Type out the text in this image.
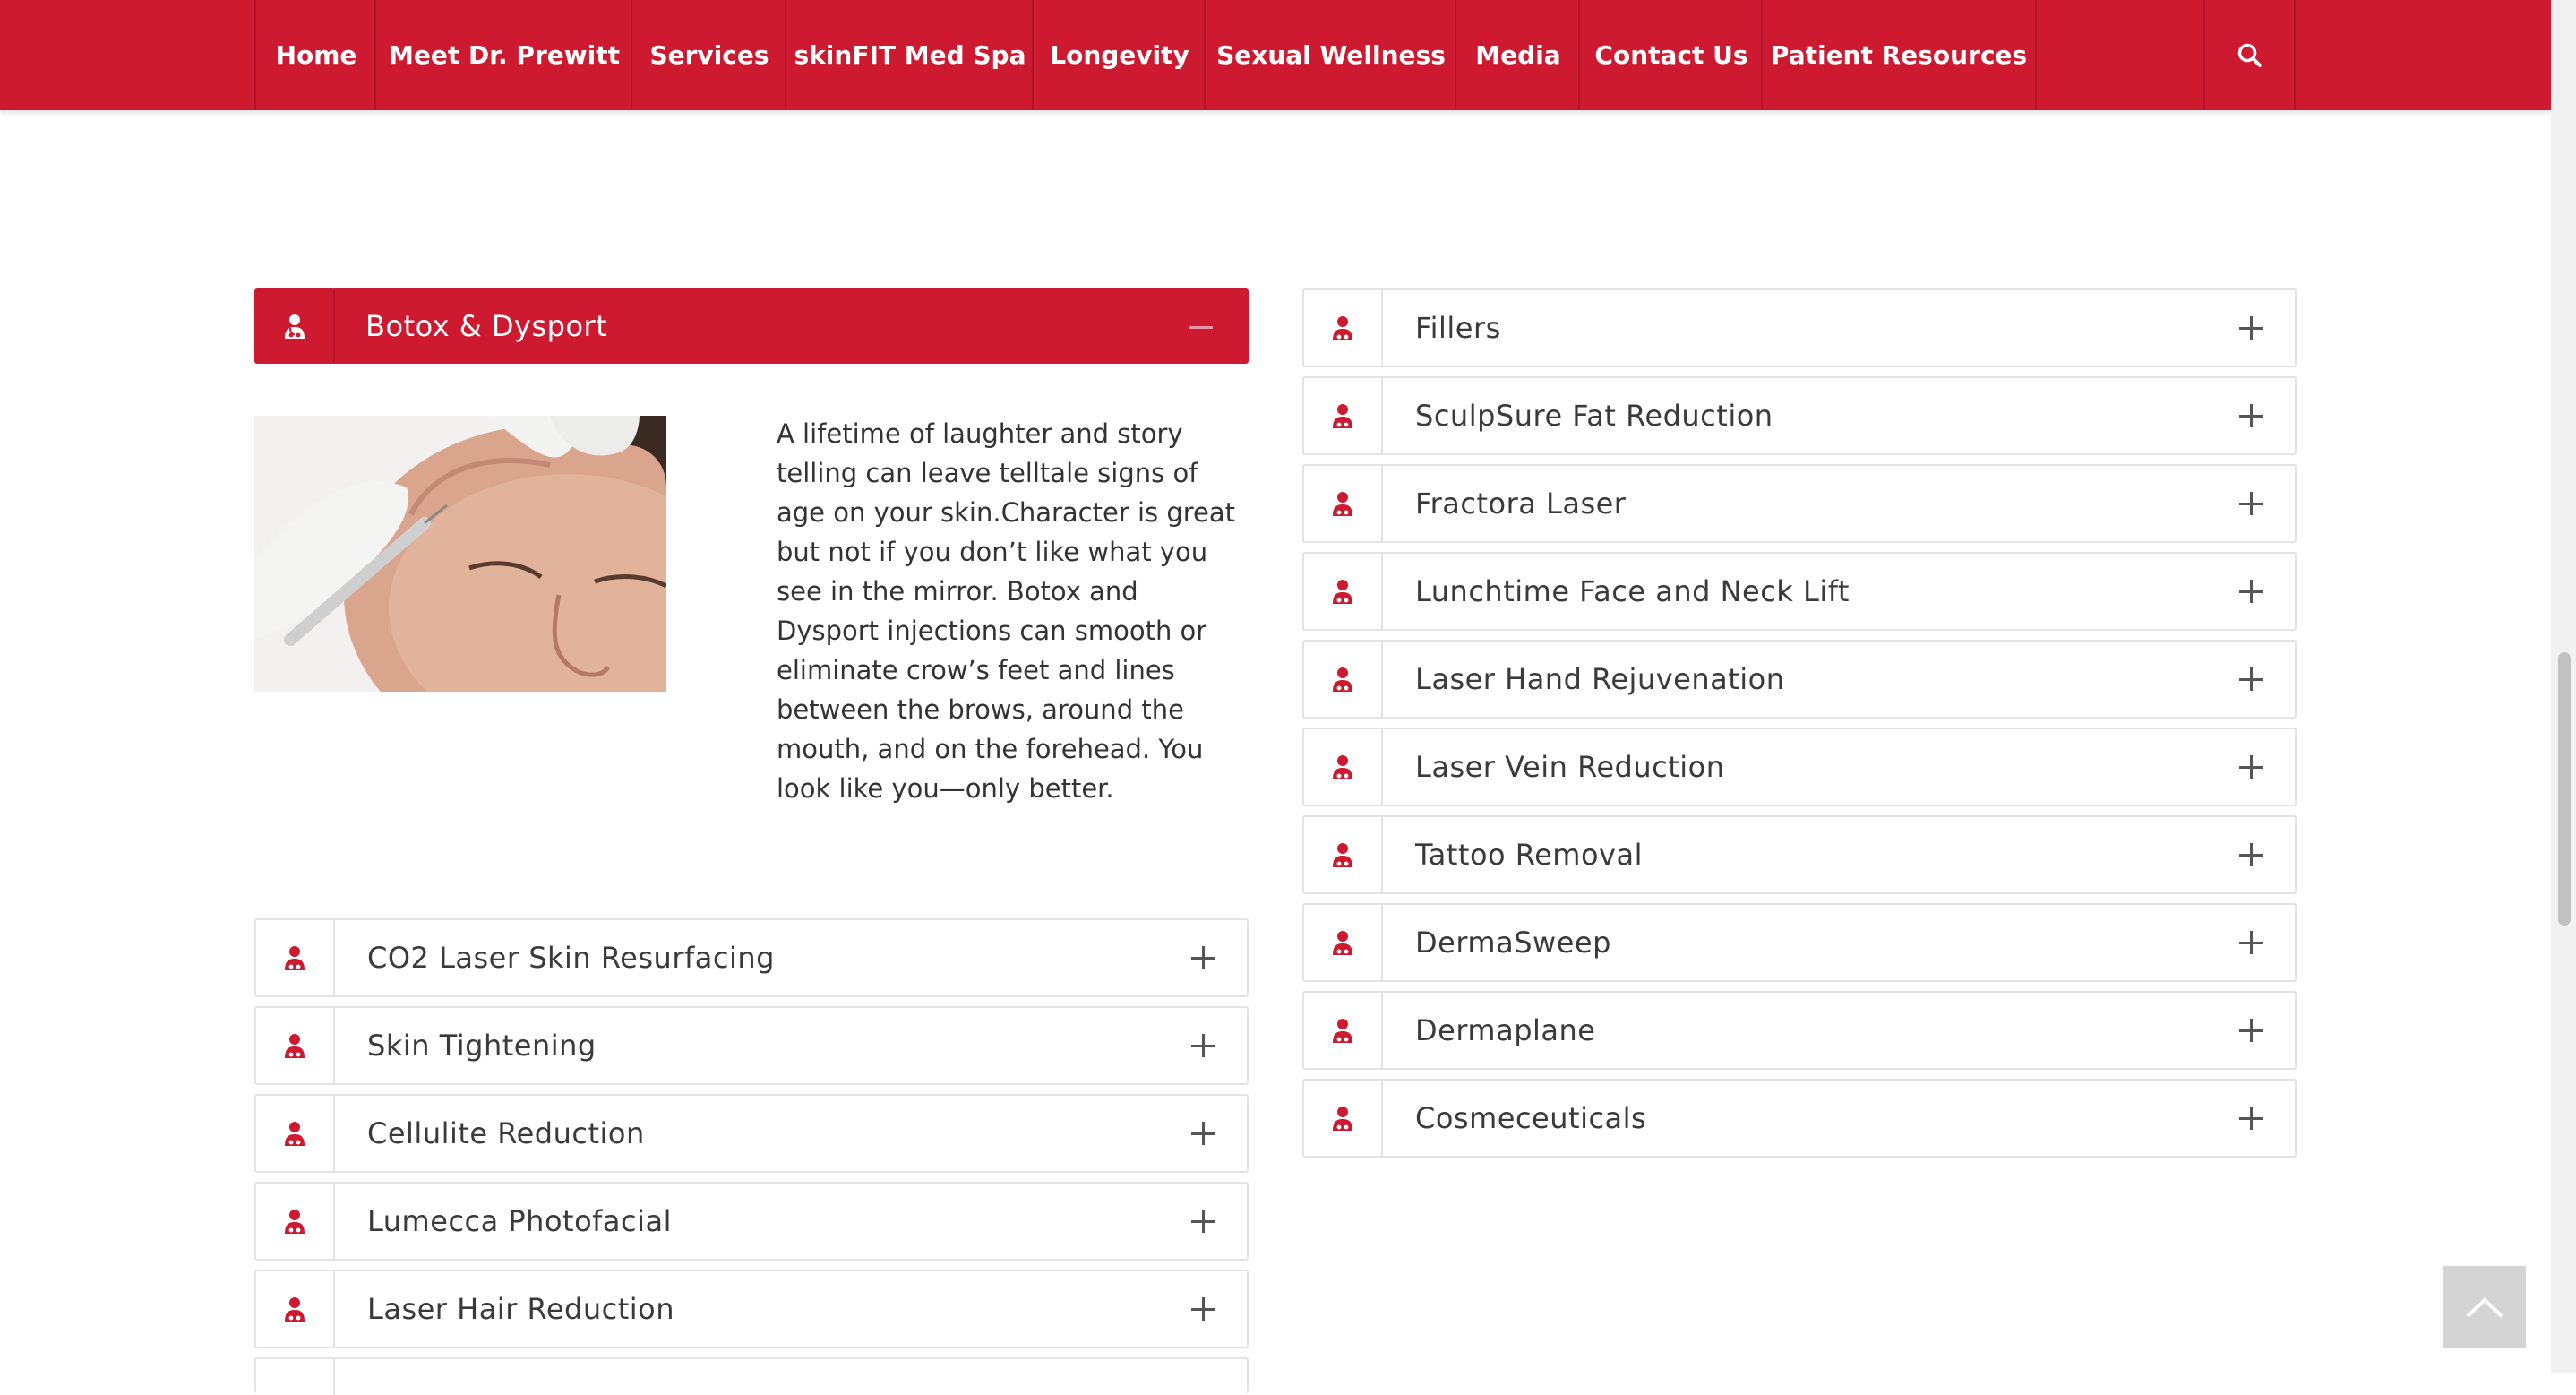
Home	Meet Dr. Prewitt	Services skinFIT Med Spa Longevity	Sexual Wellness	Media	Contact Us Patient Resources
Botox & Dysport
A lifetime of laughter and story telling can leave telltale signs of age on your skin.Character is great but not if you don’t like what you see in the mirror. Botox and Dysport injections can smooth or eliminate crow’s feet and lines between the brows, around the mouth, and on the forehead. You look like you—only better.
CO2 Laser Skin Resurfacing
Skin Tightening
Cellulite Reduction
Lumecca Photofacial
Laser Hair Reduction
Fillers
SculpSure Fat Reduction
Fractora Laser
Lunchtime Face and Neck Lift
Laser Hand Rejuvenation
Laser Vein Reduction
Tattoo Removal
DermaSweep
Dermaplane
Cosmeceuticals
